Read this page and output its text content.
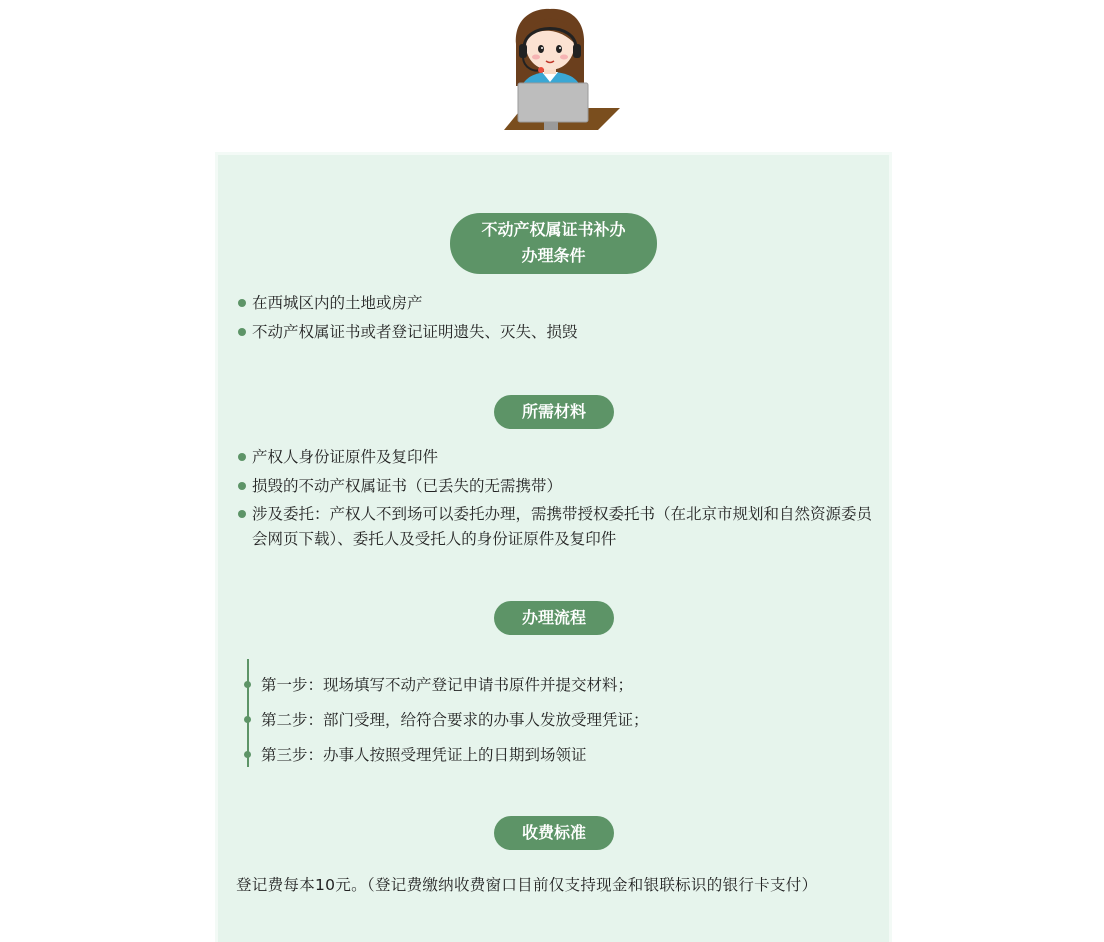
不动产权属证书补办
办理条件
在西城区内的土地或房产
不动产权属证书或者登记证明遗失、灭失、损毁
所需材料
产权人身份证原件及复印件
损毁的不动产权属证书（已丢失的无需携带）
涉及委托：产权人不到场可以委托办理，需携带授权委托书（在北京市规划和自然资源委员会网页下载）、委托人及受托人的身份证原件及复印件
办理流程
第一步：现场填写不动产登记申请书原件并提交材料；
第二步：部门受理，给符合要求的办事人发放受理凭证；
第三步：办事人按照受理凭证上的日期到场领证
收费标准
登记费每本10元。（登记费缴纳收费窗口目前仅支持现金和银联标识的银行卡支付）
